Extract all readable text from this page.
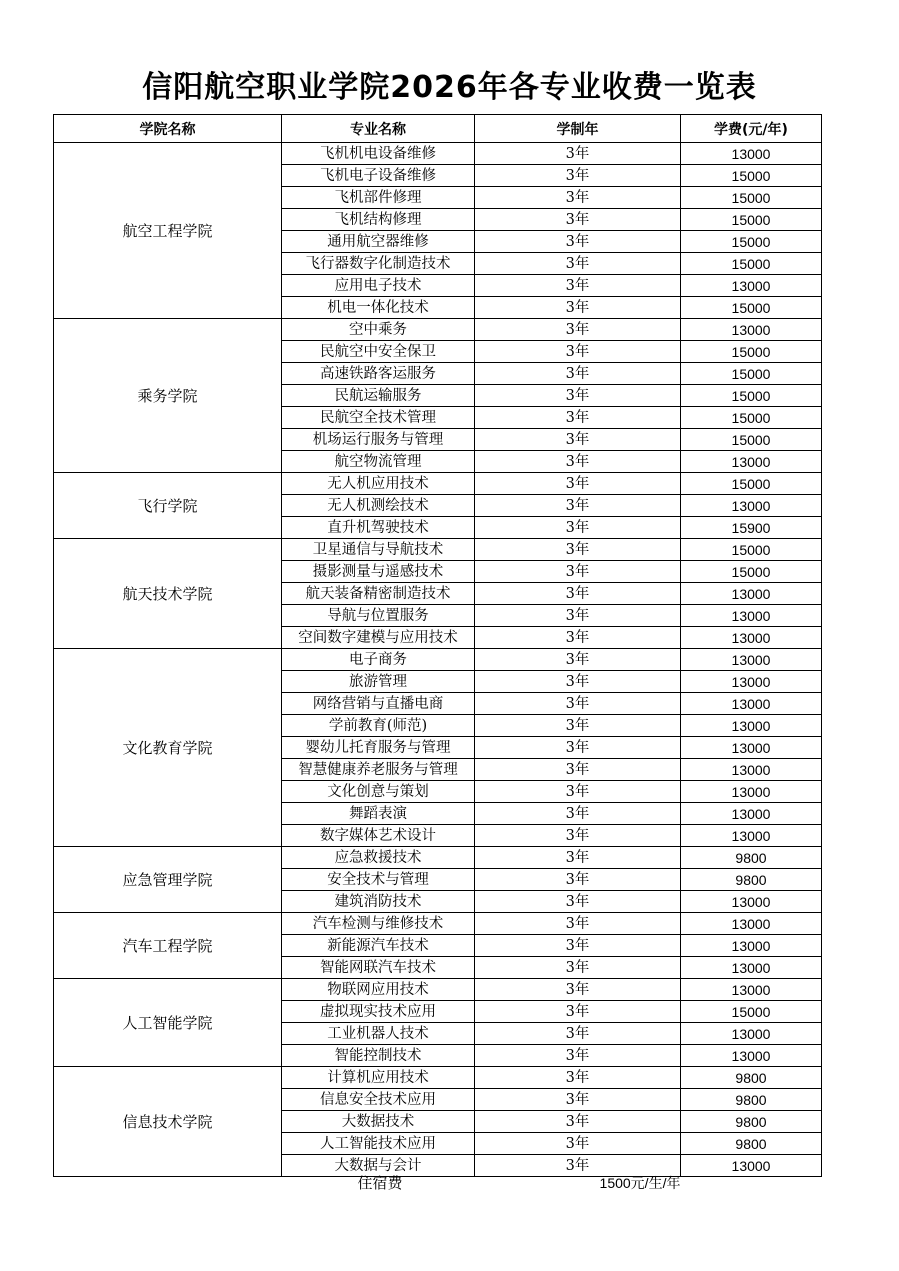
信阳航空职业学院2026年各专业收费一览表
学院名称	专业名称	学制年	学费(元/年)
航空工程学院	飞机机电设备维修	3年	13000
	飞机电子设备维修	3年	15000
	飞机部件修理	3年	15000
	飞机结构修理	3年	15000
	通用航空器维修	3年	15000
	飞行器数字化制造技术	3年	15000
	应用电子技术	3年	13000
	机电一体化技术	3年	15000
乘务学院	空中乘务	3年	13000
	民航空中安全保卫	3年	15000
	高速铁路客运服务	3年	15000
	民航运输服务	3年	15000
	民航空全技术管理	3年	15000
	机场运行服务与管理	3年	15000
	航空物流管理	3年	13000
飞行学院	无人机应用技术	3年	15000
	无人机测绘技术	3年	13000
	直升机驾驶技术	3年	15900
航天技术学院	卫星通信与导航技术	3年	15000
	摄影测量与遥感技术	3年	15000
	航天装备精密制造技术	3年	13000
	导航与位置服务	3年	13000
	空间数字建模与应用技术	3年	13000
文化教育学院	电子商务	3年	13000
	旅游管理	3年	13000
	网络营销与直播电商	3年	13000
	学前教育(师范)	3年	13000
	婴幼儿托育服务与管理	3年	13000
	智慧健康养老服务与管理	3年	13000
	文化创意与策划	3年	13000
	舞蹈表演	3年	13000
	数字媒体艺术设计	3年	13000
应急管理学院	应急救援技术	3年	9800
	安全技术与管理	3年	9800
	建筑消防技术	3年	13000
汽车工程学院	汽车检测与维修技术	3年	13000
	新能源汽车技术	3年	13000
	智能网联汽车技术	3年	13000
人工智能学院	物联网应用技术	3年	13000
	虚拟现实技术应用	3年	15000
	工业机器人技术	3年	13000
	智能控制技术	3年	13000
信息技术学院	计算机应用技术	3年	9800
	信息安全技术应用	3年	9800
	大数据技术	3年	9800
	人工智能技术应用	3年	9800
	大数据与会计	3年	13000
住宿费	1500元/生/年
